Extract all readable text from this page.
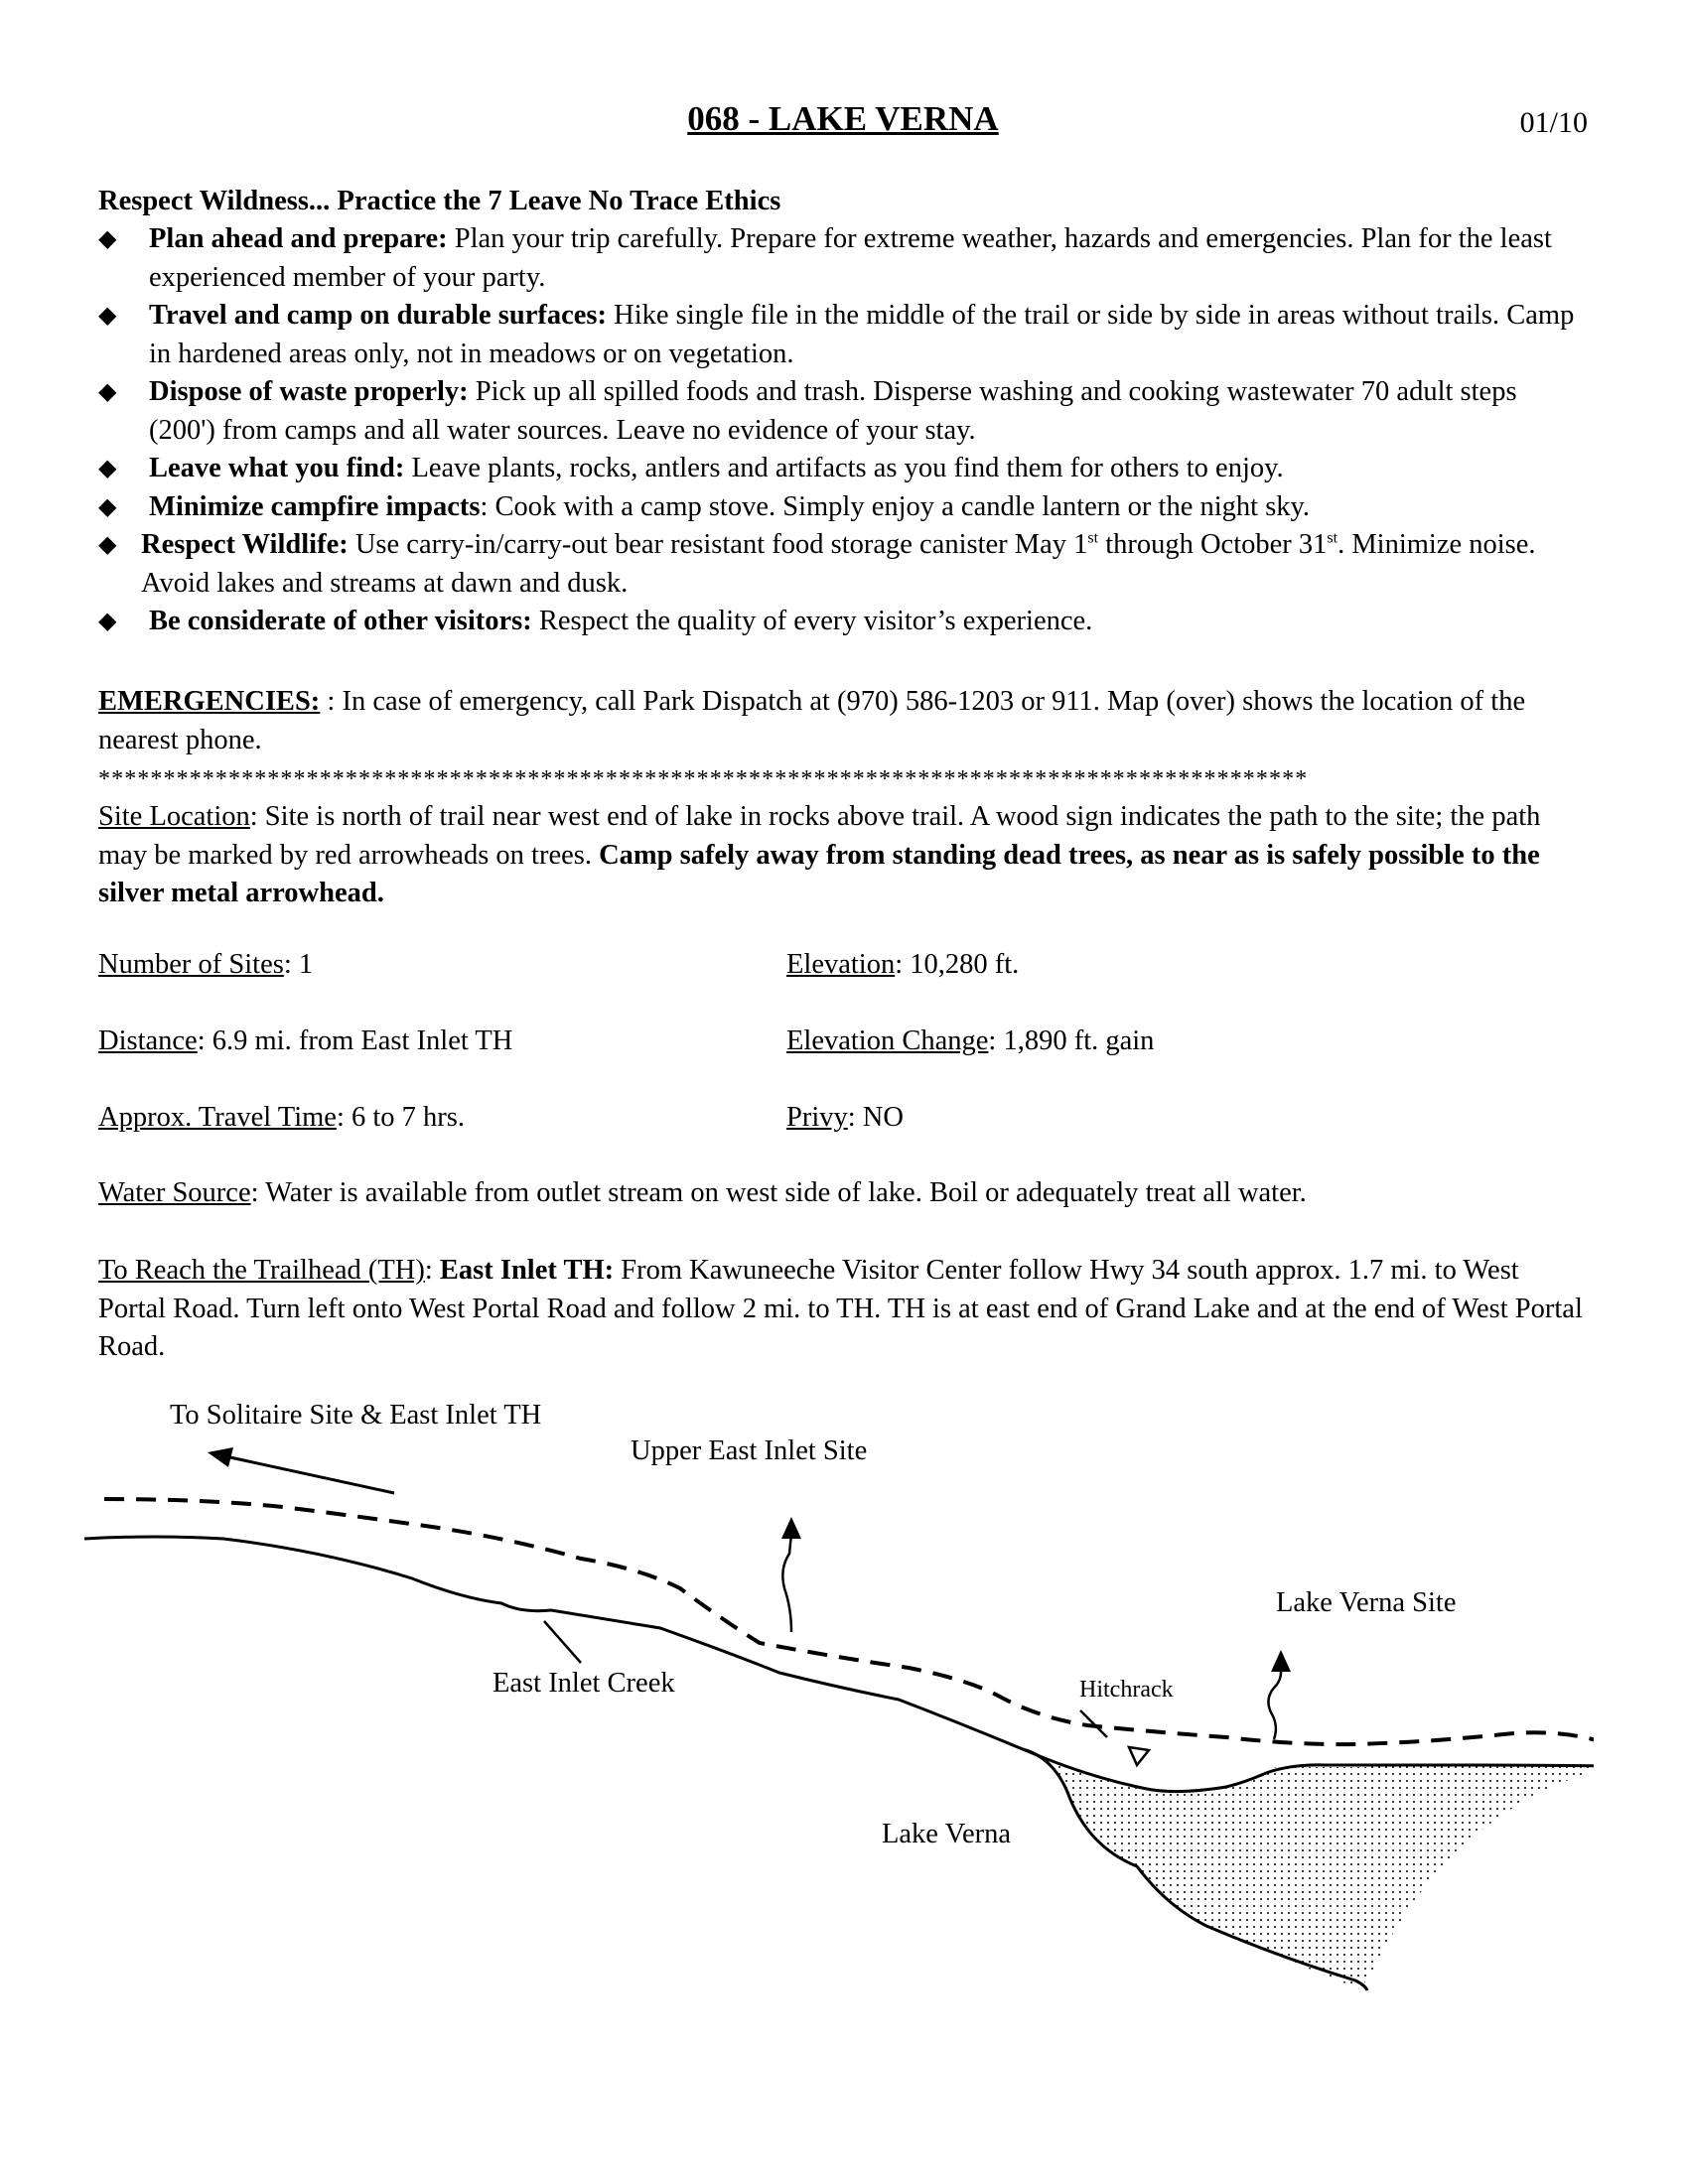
068 - LAKE VERNA	01/10
Respect Wildness... Practice the 7 Leave No Trace Ethics
◆ Plan ahead and prepare: Plan your trip carefully. Prepare for extreme weather, hazards and emergencies. Plan for the least experienced member of your party.
◆ Travel and camp on durable surfaces: Hike single file in the middle of the trail or side by side in areas without trails. Camp in hardened areas only, not in meadows or on vegetation.
◆ Dispose of waste properly: Pick up all spilled foods and trash. Disperse washing and cooking wastewater 70 adult steps (200') from camps and all water sources. Leave no evidence of your stay.
◆ Leave what you find: Leave plants, rocks, antlers and artifacts as you find them for others to enjoy.
◆ Minimize campfire impacts: Cook with a camp stove. Simply enjoy a candle lantern or the night sky.
◆ Respect Wildlife: Use carry-in/carry-out bear resistant food storage canister May 1st through October 31st. Minimize noise. Avoid lakes and streams at dawn and dusk.
◆ Be considerate of other visitors: Respect the quality of every visitor’s experience.
EMERGENCIES: : In case of emergency, call Park Dispatch at (970) 586-1203 or 911. Map (over) shows the location of the nearest phone.
*********************************************************************************************
Site Location: Site is north of trail near west end of lake in rocks above trail. A wood sign indicates the path to the site; the path may be marked by red arrowheads on trees. Camp safely away from standing dead trees, as near as is safely possible to the silver metal arrowhead.
Number of Sites: 1	Elevation: 10,280 ft.
Distance: 6.9 mi. from East Inlet TH	Elevation Change: 1,890 ft. gain
Approx. Travel Time: 6 to 7 hrs.	Privy: NO
Water Source: Water is available from outlet stream on west side of lake. Boil or adequately treat all water.
To Reach the Trailhead (TH): East Inlet TH: From Kawuneeche Visitor Center follow Hwy 34 south approx. 1.7 mi. to West Portal Road. Turn left onto West Portal Road and follow 2 mi. to TH. TH is at east end of Grand Lake and at the end of West Portal Road.
To Solitaire Site & East Inlet TH
Upper East Inlet Site
Lake Verna Site
East Inlet Creek	Hitchrack
Lake Verna
